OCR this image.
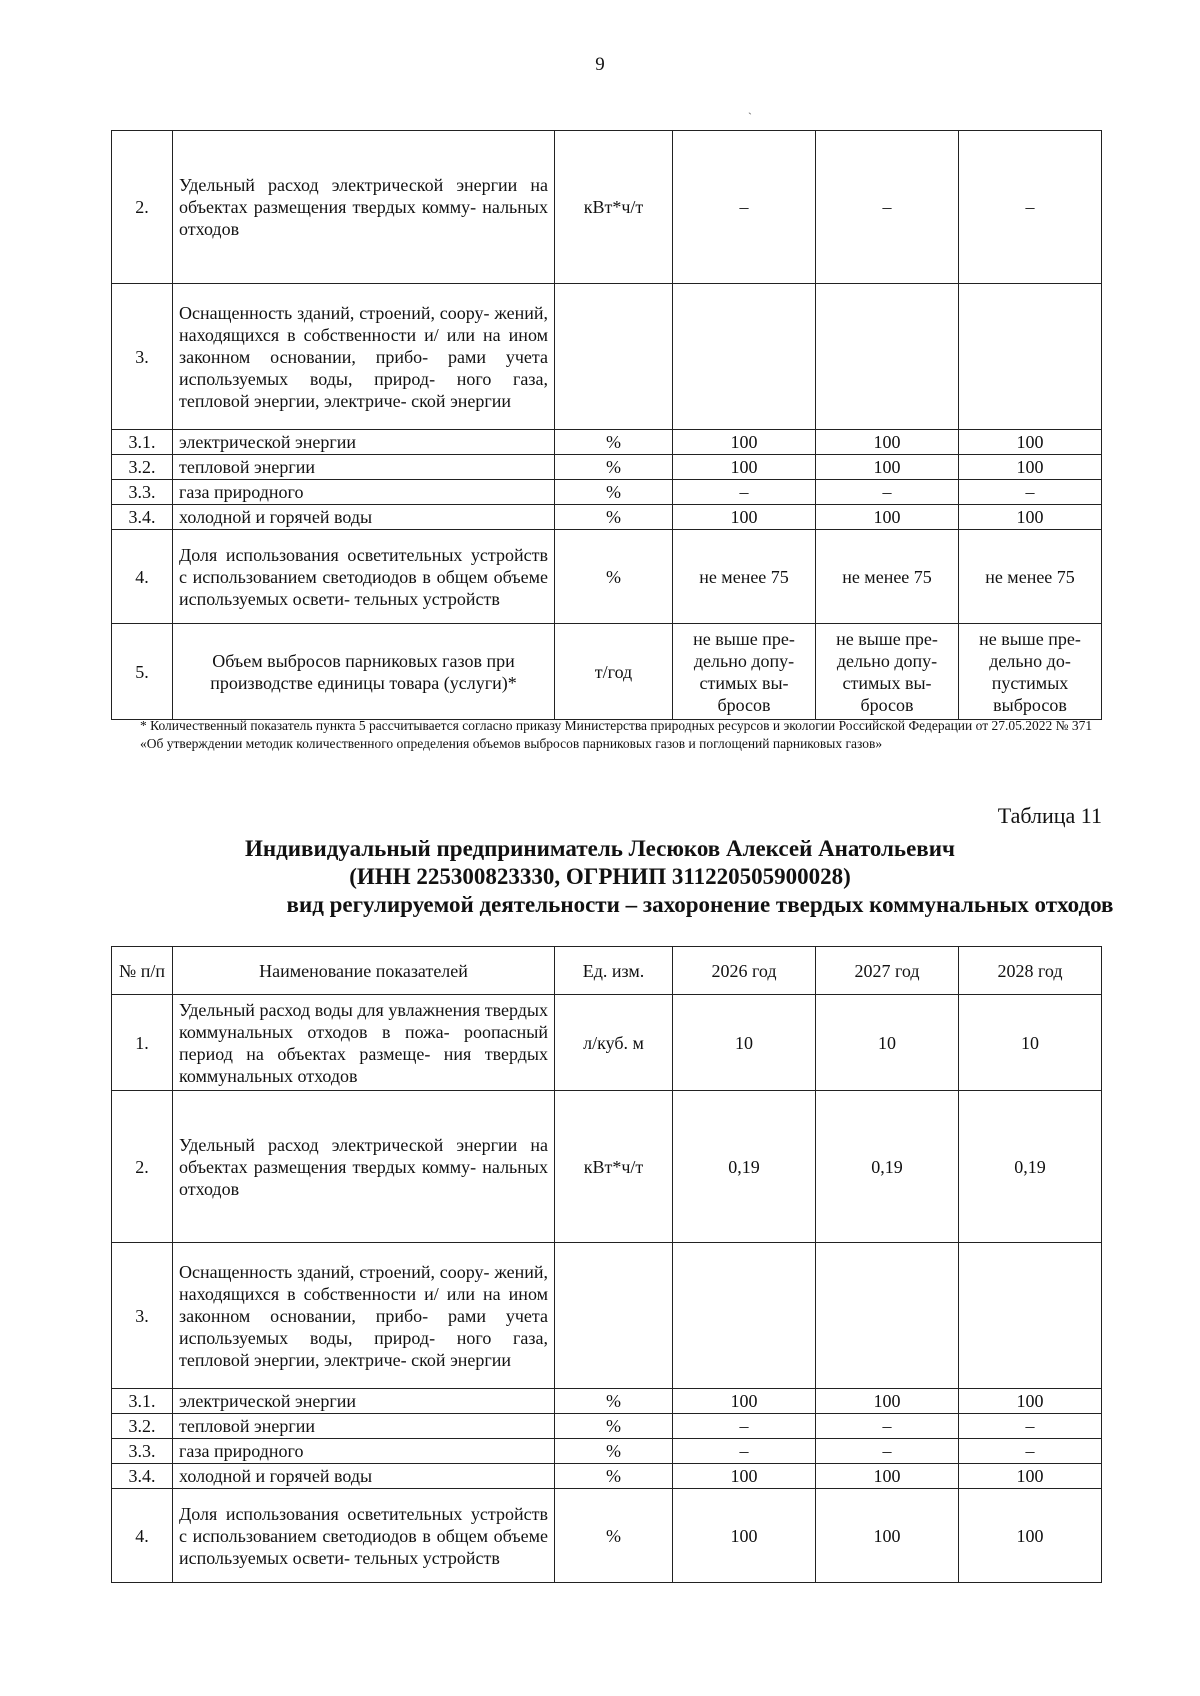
9
`
2.	Удельный расход электрической энергии на объектах размещения твердых комму- нальных отходов	кВт*ч/т	–	–	–
3.	Оснащенность зданий, строений, соору- жений, находящихся в собственности и/ или на ином законном основании, прибо- рами учета используемых воды, природ- ного газа, тепловой энергии, электриче- ской энергии				
3.1.	электрической энергии	%	100	100	100
3.2.	тепловой энергии	%	100	100	100
3.3.	газа природного	%	–	–	–
3.4.	холодной и горячей воды	%	100	100	100
4.	Доля использования осветительных устройств с использованием светодиодов в общем объеме используемых освети- тельных устройств	%	не менее 75	не менее 75	не менее 75
5.	Объем выбросов парниковых газов при производстве единицы товара (услуги)*	т/год	не выше пре- дельно допу- стимых вы- бросов	не выше пре- дельно допу- стимых вы- бросов	не выше пре- дельно до- пустимых выбросов
* Количественный показатель пункта 5 рассчитывается согласно приказу Министерства природных ресурсов и экологии Российской Федерации от 27.05.2022 № 371 «Об утверждении методик количественного определения объемов выбросов парниковых газов и поглощений парниковых газов»
Таблица 11
Индивидуальный предприниматель Лесюков Алексей Анатольевич
(ИНН 225300823330, ОГРНИП 311220505900028)
вид регулируемой деятельности – захоронение твердых коммунальных отходов
№ п/п	Наименование показателей	Ед. изм.	2026 год	2027 год	2028 год
1.	Удельный расход воды для увлажнения твердых коммунальных отходов в пожа- роопасный период на объектах размеще- ния твердых коммунальных отходов	л/куб. м	10	10	10
2.	Удельный расход электрической энергии на объектах размещения твердых комму- нальных отходов	кВт*ч/т	0,19	0,19	0,19
3.	Оснащенность зданий, строений, соору- жений, находящихся в собственности и/ или на ином законном основании, прибо- рами учета используемых воды, природ- ного газа, тепловой энергии, электриче- ской энергии				
3.1.	электрической энергии	%	100	100	100
3.2.	тепловой энергии	%	–	–	–
3.3.	газа природного	%	–	–	–
3.4.	холодной и горячей воды	%	100	100	100
4.	Доля использования осветительных устройств с использованием светодиодов в общем объеме используемых освети- тельных устройств	%	100	100	100
